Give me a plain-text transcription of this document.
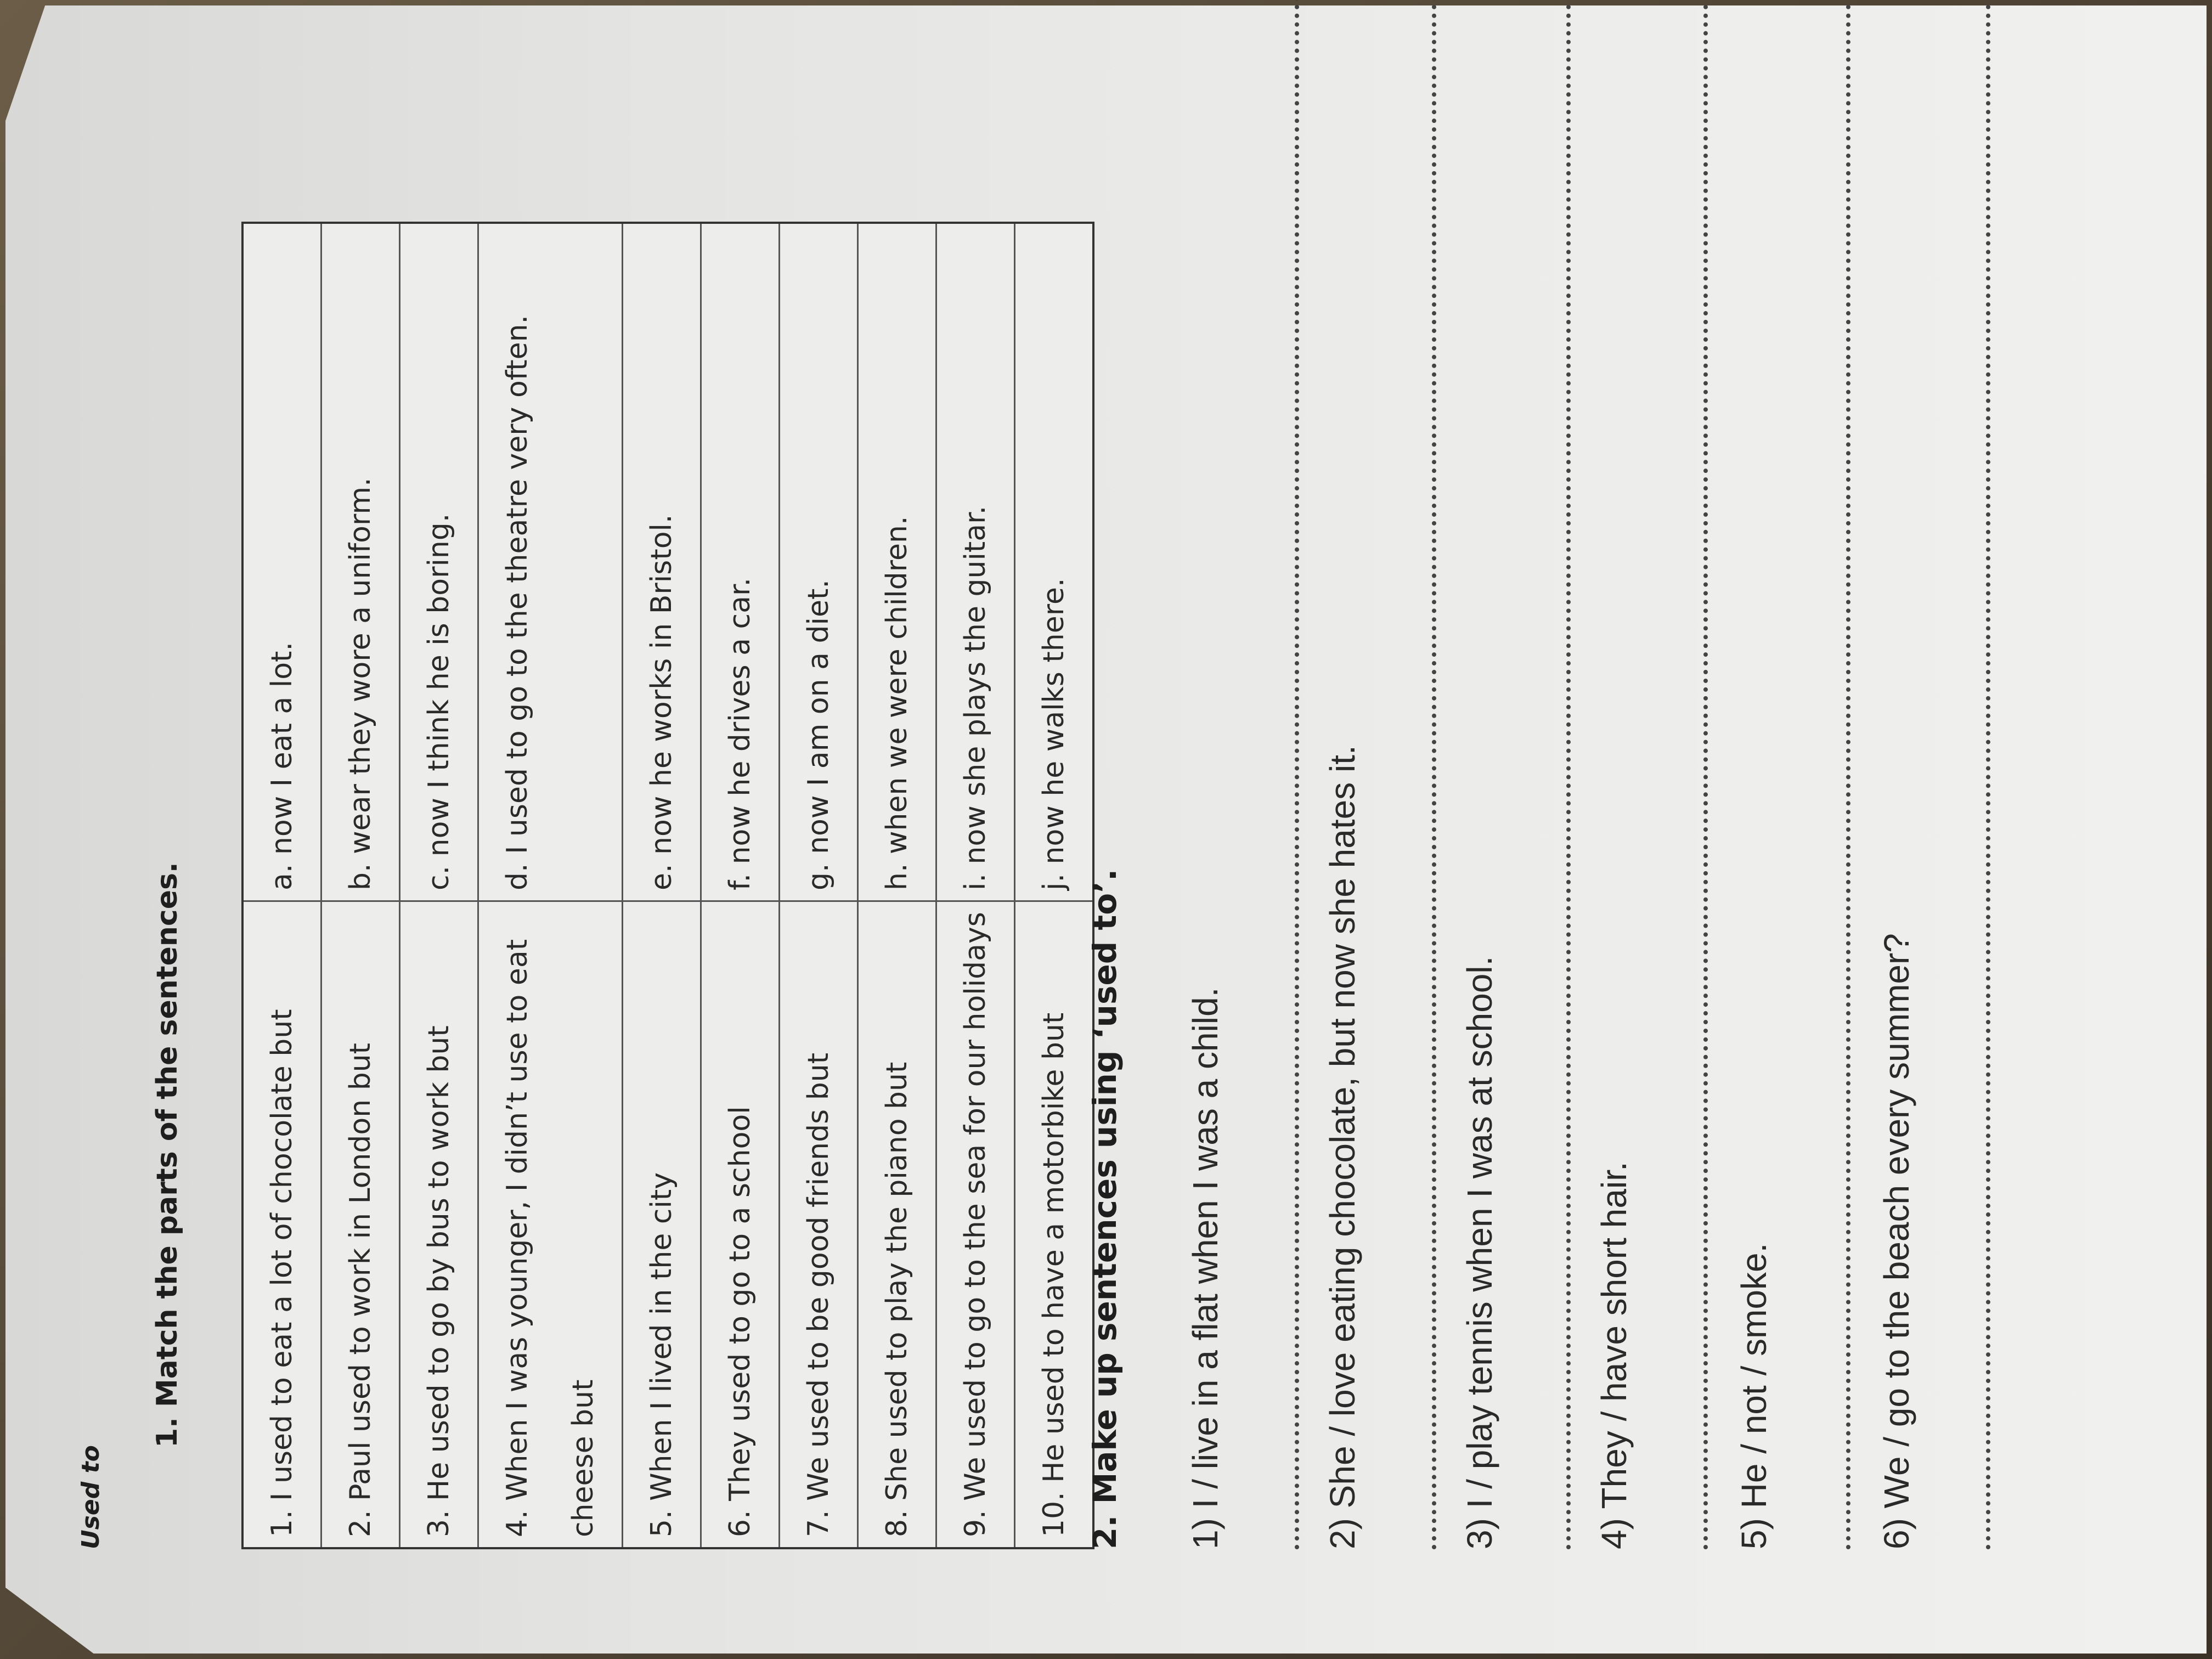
Used to
1. Match the parts of the sentences.	1. I used to eat a lot of chocolate but	a. now I eat a lot.
2. Paul used to work in London but	b. wear they wore a uniform.
3. He used to go by bus to work but	c. now I think he is boring.
4. When I was younger, I didn’t use to eat cheese but	d. I used to go to the theatre very often.
5. When I lived in the city	e. now he works in Bristol.
6. They used to go to a school	f. now he drives a car.
7. We used to be good friends but	g. now I am on a diet.
8. She used to play the piano but	h. when we were children.
9. We used to go to the sea for our holidays	i. now she plays the guitar.
10. He used to have a motorbike but	j. now he walks there.
2. Make up sentences using ‘used to’. 1) I / live in a flat when I was a child.	2) She / love eating chocolate, but now she hates it.	3) I / play tennis when I was at school.	4) They / have short hair.	5) He / not / smoke.	6) We / go to the beach every summer?
